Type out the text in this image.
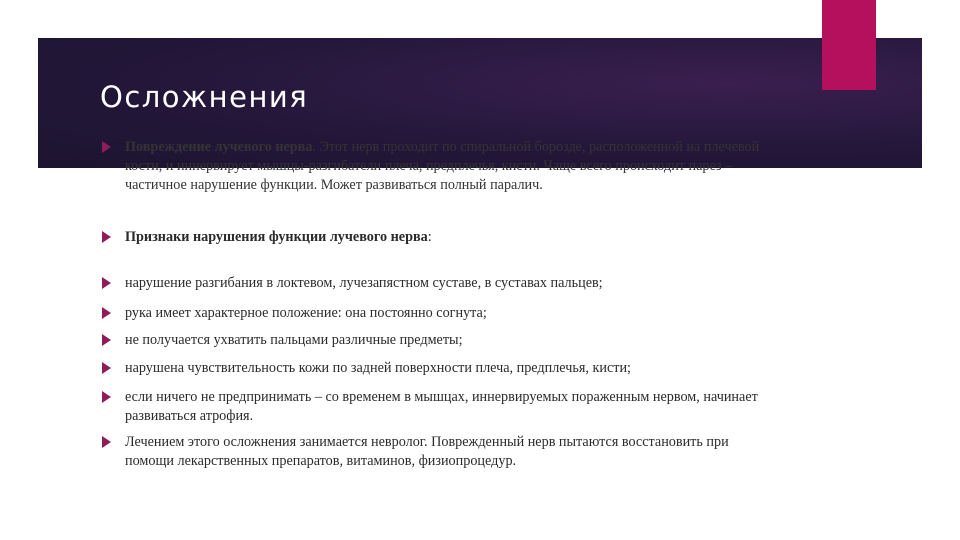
Осложнения
Повреждение лучевого нерва. Этот нерв проходит по спиральной борозде, расположенной на плечевой кости, и иннервирует мышцы-разгибатели плеча, предплечья, кисти. Чаще всего происходит парез – частичное нарушение функции. Может развиваться полный паралич.
Признаки нарушения функции лучевого нерва:
нарушение разгибания в локтевом, лучезапястном суставе, в суставах пальцев;
рука имеет характерное положение: она постоянно согнута;
не получается ухватить пальцами различные предметы;
нарушена чувствительность кожи по задней поверхности плеча, предплечья, кисти;
если ничего не предпринимать – со временем в мышцах, иннервируемых пораженным нервом, начинает развиваться атрофия.
Лечением этого осложнения занимается невролог. Поврежденный нерв пытаются восстановить при помощи лекарственных препаратов, витаминов, физиопроцедур.
